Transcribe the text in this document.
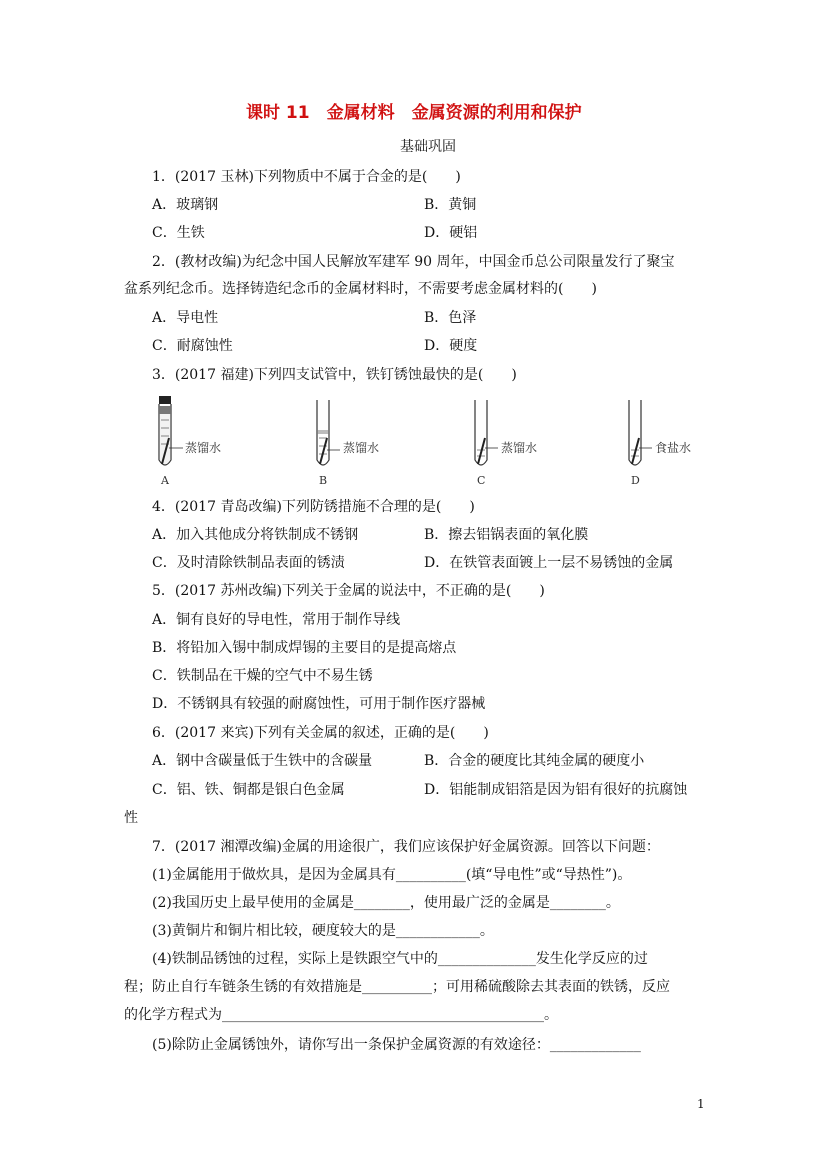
课时 11　金属材料　金属资源的利用和保护
基础巩固
1．(2017 玉林)下列物质中不属于合金的是(　　)
A．玻璃钢	B．黄铜
C．生铁	D．硬铝
2．(教材改编)为纪念中国人民解放军建军 90 周年，中国金币总公司限量发行了聚宝
盆系列纪念币。选择铸造纪念币的金属材料时，不需要考虑金属材料的(　　)
A．导电性	B．色泽
C．耐腐蚀性	D．硬度
3．(2017 福建)下列四支试管中，铁钉锈蚀最快的是(　　)
蒸馏水
A
蒸馏水
B
蒸馏水
C
食盐水
D
4．(2017 青岛改编)下列防锈措施不合理的是(　　)
A．加入其他成分将铁制成不锈钢	B．擦去铝锅表面的氧化膜
C．及时清除铁制品表面的锈渍	D．在铁管表面镀上一层不易锈蚀的金属
5．(2017 苏州改编)下列关于金属的说法中，不正确的是(　　)
A．铜有良好的导电性，常用于制作导线
B．将铅加入锡中制成焊锡的主要目的是提高熔点
C．铁制品在干燥的空气中不易生锈
D．不锈钢具有较强的耐腐蚀性，可用于制作医疗器械
6．(2017 来宾)下列有关金属的叙述，正确的是(　　)
A．钢中含碳量低于生铁中的含碳量	B．合金的硬度比其纯金属的硬度小
C．铝、铁、铜都是银白色金属	D．铝能制成铝箔是因为铝有很好的抗腐蚀
性
7．(2017 湘潭改编)金属的用途很广，我们应该保护好金属资源。回答以下问题：
(1)金属能用于做炊具，是因为金属具有__________(填“导电性”或“导热性”)。
(2)我国历史上最早使用的金属是________，使用最广泛的金属是________。
(3)黄铜片和铜片相比较，硬度较大的是____________。
(4)铁制品锈蚀的过程，实际上是铁跟空气中的______________发生化学反应的过
程；防止自行车链条生锈的有效措施是__________；可用稀硫酸除去其表面的铁锈，反应
的化学方程式为______________________________________________。
(5)除防止金属锈蚀外，请你写出一条保护金属资源的有效途径：_____________
1
